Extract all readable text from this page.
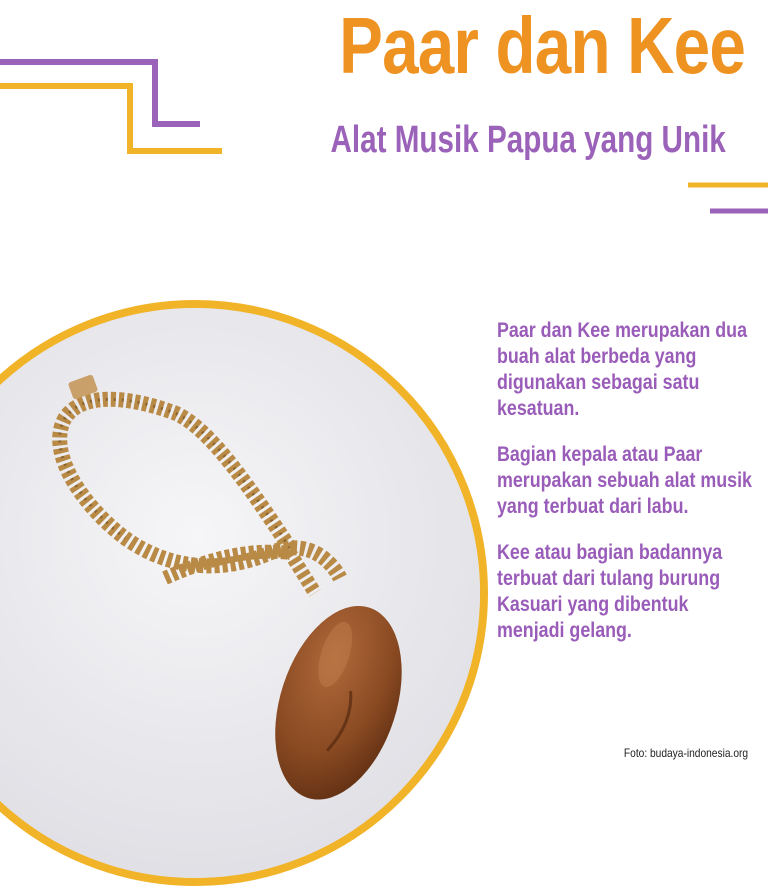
Paar dan Kee
Alat Musik Papua yang Unik

Paar dan Kee merupakan dua buah alat berbeda yang digunakan sebagai satu kesatuan.

Bagian kepala atau Paar merupakan sebuah alat musik yang terbuat dari labu.

Kee atau bagian badannya terbuat dari tulang burung Kasuari yang dibentuk menjadi gelang.

Foto: budaya-indonesia.org
